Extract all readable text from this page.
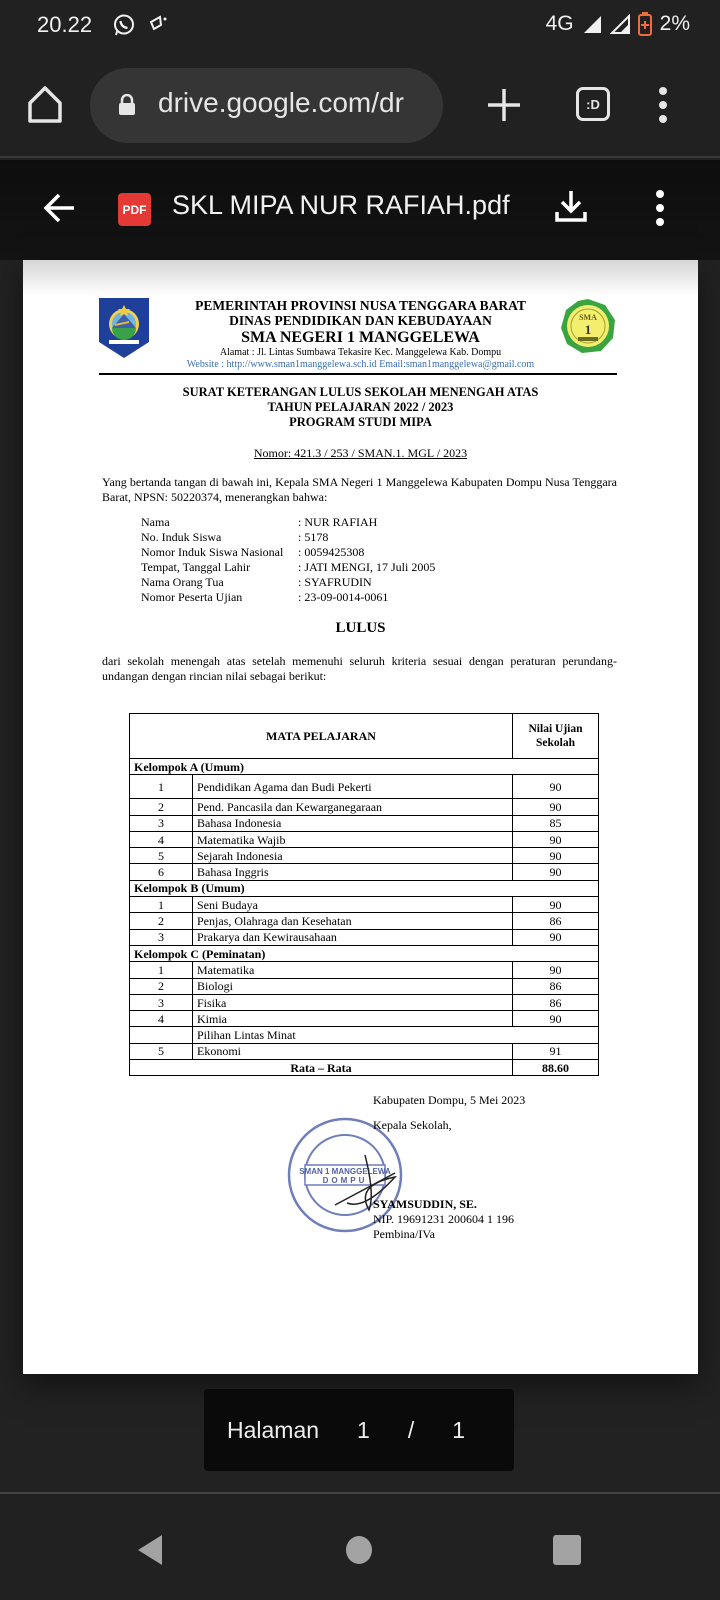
20.22	4G	2%
drive.google.com/dr	:D
PDF SKL MIPA NUR RAFIAH.pdf
PEMERINTAH PROVINSI NUSA TENGGARA BARAT
DINAS PENDIDIKAN DAN KEBUDAYAAN
SMA NEGERI 1 MANGGELEWA
Alamat : Jl. Lintas Sumbawa Tekasire Kec. Manggelewa Kab. Dompu
Website : http://www.sman1manggelewa.sch.id Email:sman1manggelewa@gmail.com
SMA
1
SURAT KETERANGAN LULUS SEKOLAH MENENGAH ATAS
TAHUN PELAJARAN 2022 / 2023
PROGRAM STUDI MIPA
Nomor: 421.3 / 253 / SMAN.1. MGL / 2023
Yang bertanda tangan di bawah ini, Kepala SMA Negeri 1 Manggelewa Kabupaten Dompu Nusa Tenggara Barat, NPSN: 50220374, menerangkan bahwa:
Nama	: NUR RAFIAH
No. Induk Siswa	: 5178
Nomor Induk Siswa Nasional	: 0059425308
Tempat, Tanggal Lahir	: JATI MENGI, 17 Juli 2005
Nama Orang Tua	: SYAFRUDIN
Nomor Peserta Ujian	: 23-09-0014-0061
LULUS
dari sekolah menengah atas setelah memenuhi seluruh kriteria sesuai dengan peraturan perundang-undangan dengan rincian nilai sebagai berikut:
MATA PELAJARAN		Nilai Ujian Sekolah
Kelompok A (Umum)		
1	Pendidikan Agama dan Budi Pekerti	90
2	Pend. Pancasila dan Kewarganegaraan	90
3	Bahasa Indonesia	85
4	Matematika Wajib	90
5	Sejarah Indonesia	90
6	Bahasa Inggris	90
Kelompok B (Umum)		
1	Seni Budaya	90
2	Penjas, Olahraga dan Kesehatan	86
3	Prakarya dan Kewirausahaan	90
Kelompok C (Peminatan)		
1	Matematika	90
2	Biologi	86
3	Fisika	86
4	Kimia	90
	Pilihan Lintas Minat	
5	Ekonomi	91
Rata – Rata		88.60
SMAN 1 MANGGELEWA
DOMPU
Kabupaten Dompu, 5 Mei 2023
Kepala Sekolah,
SYAMSUDDIN, SE.
NIP. 19691231 200604 1 196
Pembina/IVa
Halaman 1 / 1
